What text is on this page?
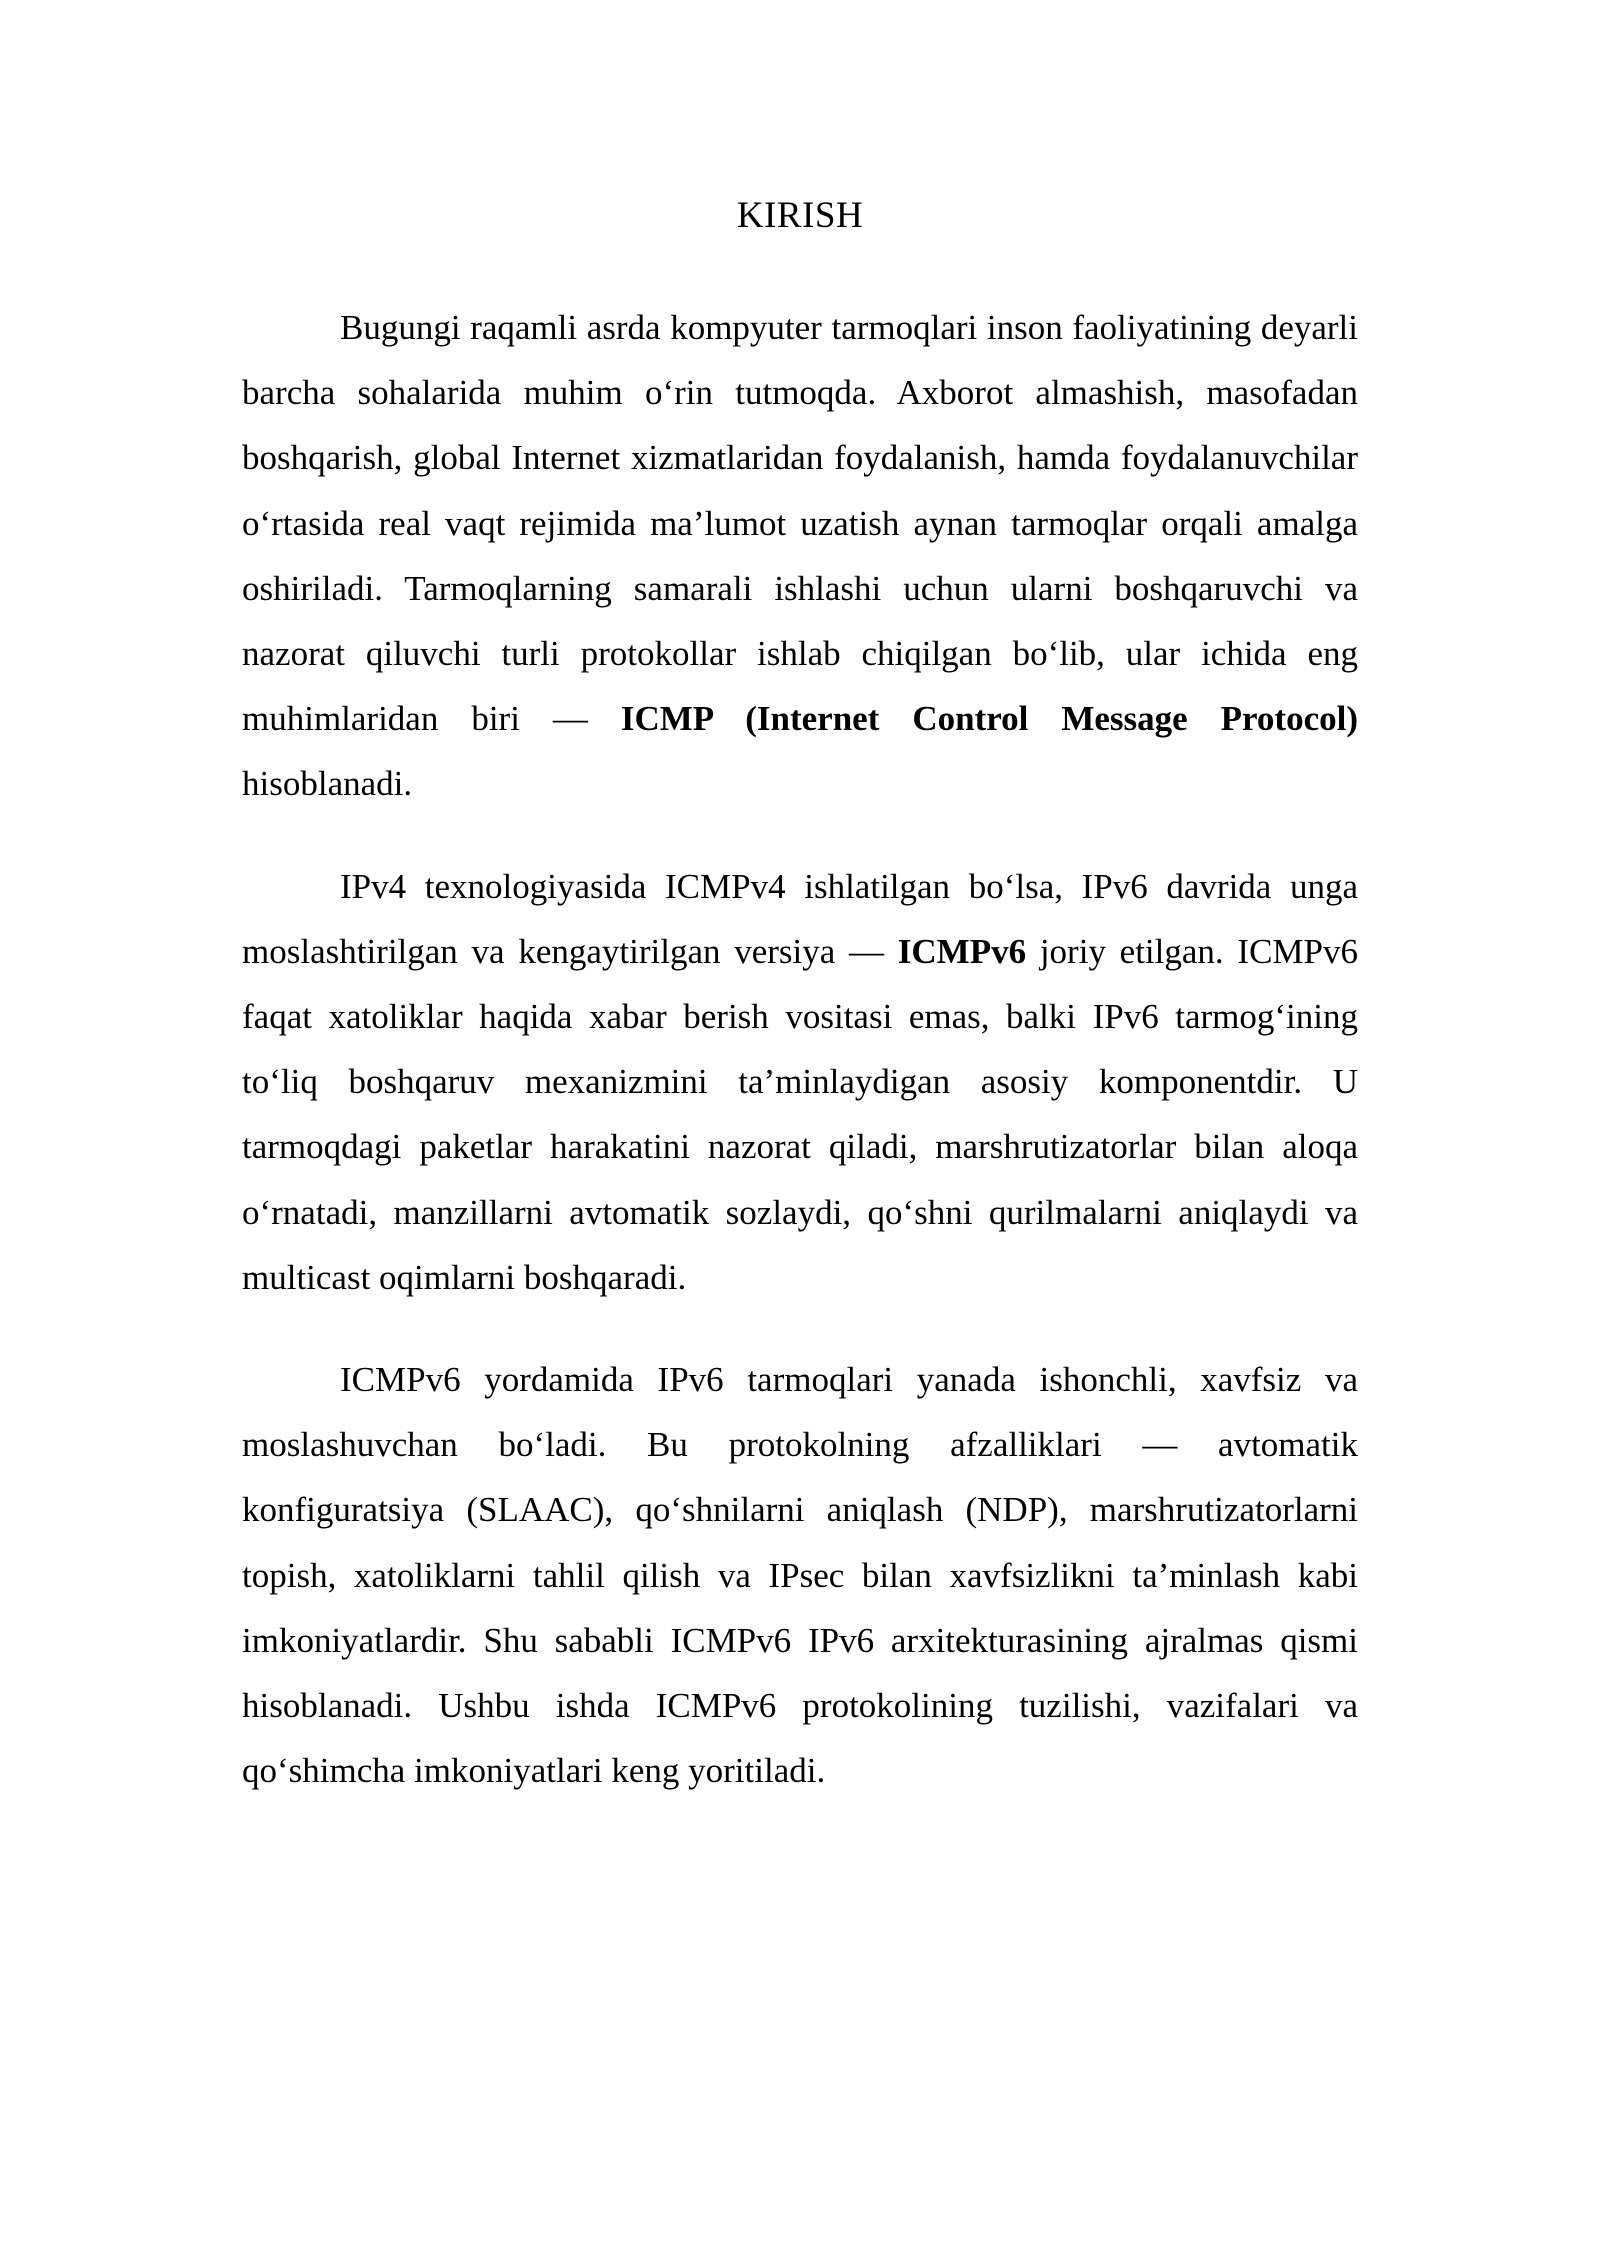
KIRISH

Bugungi raqamli asrda kompyuter tarmoqlari inson faoliyatining deyarli barcha sohalarida muhim o‘rin tutmoqda. Axborot almashish, masofadan boshqarish, global Internet xizmatlaridan foydalanish, hamda foydalanuvchilar o‘rtasida real vaqt rejimida ma’lumot uzatish aynan tarmoqlar orqali amalga oshiriladi. Tarmoqlarning samarali ishlashi uchun ularni boshqaruvchi va nazorat qiluvchi turli protokollar ishlab chiqilgan bo‘lib, ular ichida eng muhimlaridan biri — ICMP (Internet Control Message Protocol) hisoblanadi.

IPv4 texnologiyasida ICMPv4 ishlatilgan bo‘lsa, IPv6 davrida unga moslashtirilgan va kengaytirilgan versiya — ICMPv6 joriy etilgan. ICMPv6 faqat xatoliklar haqida xabar berish vositasi emas, balki IPv6 tarmog‘ining to‘liq boshqaruv mexanizmini ta’minlaydigan asosiy komponentdir. U tarmoqdagi paketlar harakatini nazorat qiladi, marshrutizatorlar bilan aloqa o‘rnatadi, manzillarni avtomatik sozlaydi, qo‘shni qurilmalarni aniqlaydi va multicast oqimlarni boshqaradi.

ICMPv6 yordamida IPv6 tarmoqlari yanada ishonchli, xavfsiz va moslashuvchan bo‘ladi. Bu protokolning afzalliklari — avtomatik konfiguratsiya (SLAAC), qo‘shnilarni aniqlash (NDP), marshrutizatorlarni topish, xatoliklarni tahlil qilish va IPsec bilan xavfsizlikni ta’minlash kabi imkoniyatlardir. Shu sababli ICMPv6 IPv6 arxitekturasining ajralmas qismi hisoblanadi. Ushbu ishda ICMPv6 protokolining tuzilishi, vazifalari va qo‘shimcha imkoniyatlari keng yoritiladi.
